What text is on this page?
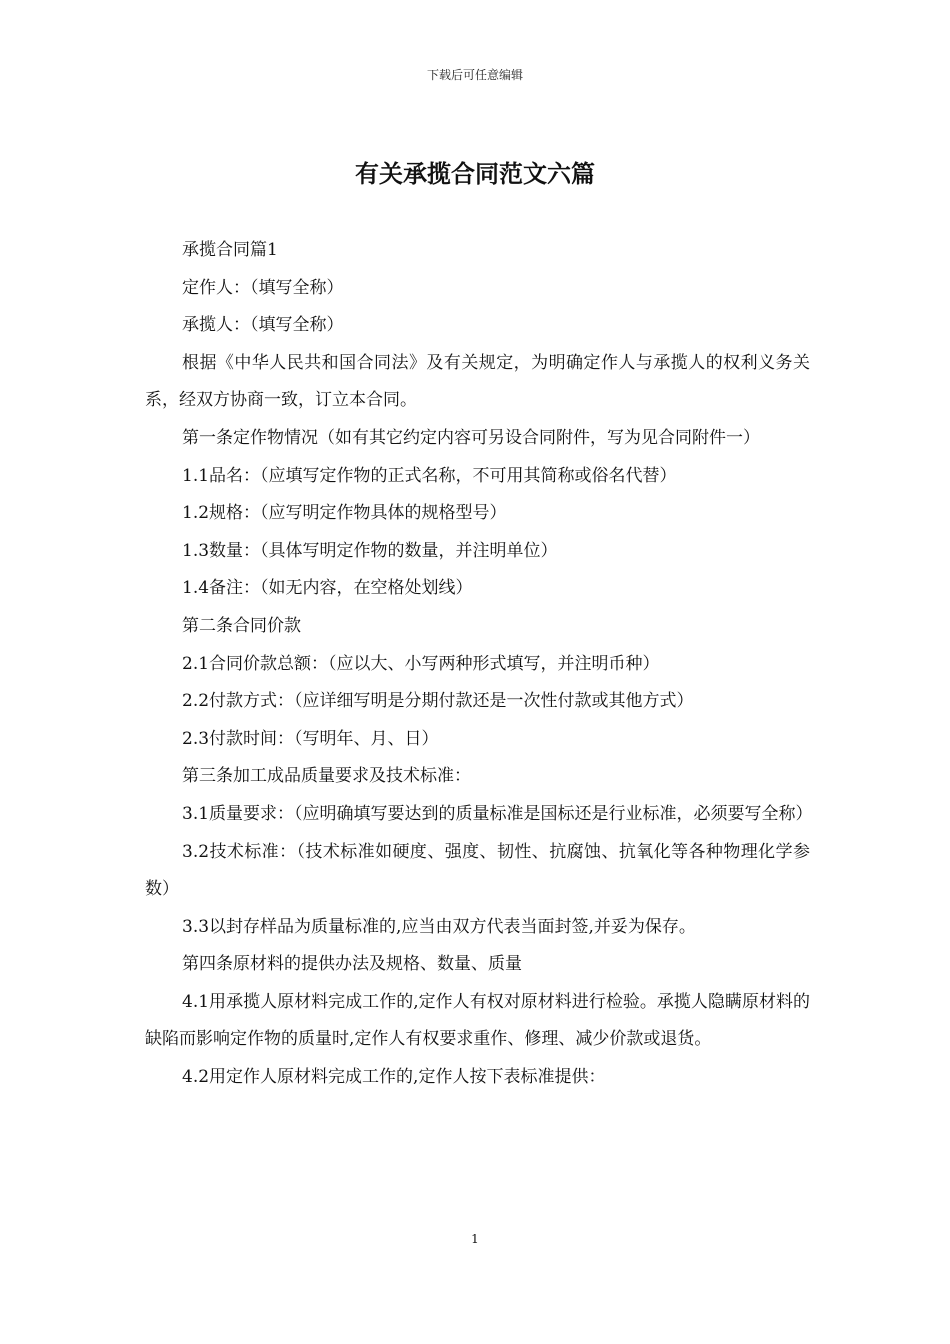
下载后可任意编辑
有关承揽合同范文六篇

承揽合同篇1

定作人：（填写全称）

承揽人：（填写全称）

根据《中华人民共和国合同法》及有关规定，为明确定作人与承揽人的权利义务关系，经双方协商一致，订立本合同。

第一条定作物情况（如有其它约定内容可另设合同附件，写为见合同附件一）

1.1品名：（应填写定作物的正式名称，不可用其简称或俗名代替）

1.2规格：（应写明定作物具体的规格型号）

1.3数量：（具体写明定作物的数量，并注明单位）

1.4备注：（如无内容，在空格处划线）

第二条合同价款

2.1合同价款总额：（应以大、小写两种形式填写，并注明币种）

2.2付款方式：（应详细写明是分期付款还是一次性付款或其他方式）

2.3付款时间：（写明年、月、日）

第三条加工成品质量要求及技术标准：

3.1质量要求：（应明确填写要达到的质量标准是国标还是行业标准，必须要写全称）

3.2技术标准：（技术标准如硬度、强度、韧性、抗腐蚀、抗氧化等各种物理化学参数）

3.3以封存样品为质量标准的,应当由双方代表当面封签,并妥为保存。

第四条原材料的提供办法及规格、数量、质量

4.1用承揽人原材料完成工作的,定作人有权对原材料进行检验。承揽人隐瞒原材料的缺陷而影响定作物的质量时,定作人有权要求重作、修理、减少价款或退货。

4.2用定作人原材料完成工作的,定作人按下表标准提供：

1
